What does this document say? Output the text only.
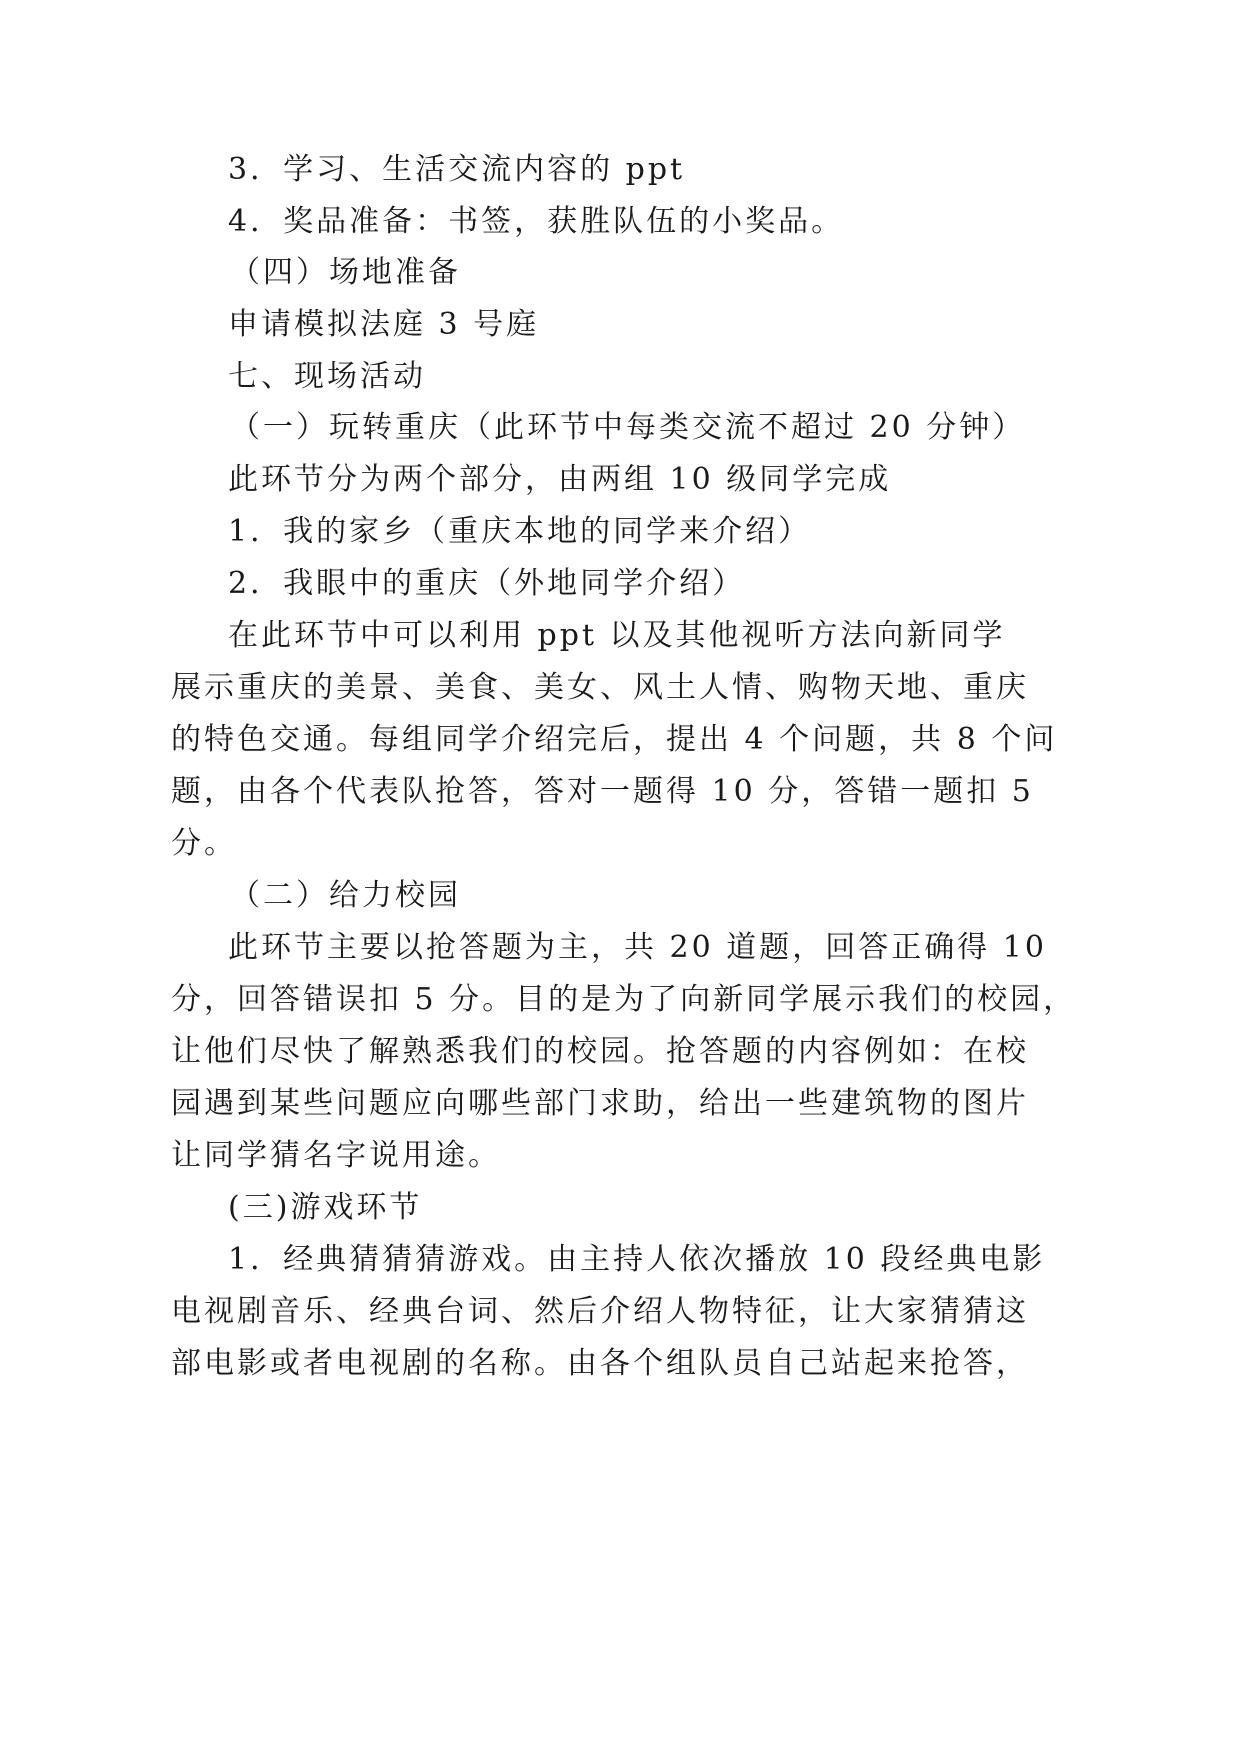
3．学习、生活交流内容的 ppt
4．奖品准备：书签，获胜队伍的小奖品。
（四）场地准备
申请模拟法庭 3 号庭
七、现场活动
（一）玩转重庆（此环节中每类交流不超过 20 分钟）
此环节分为两个部分，由两组 10 级同学完成
1．我的家乡（重庆本地的同学来介绍）
2．我眼中的重庆（外地同学介绍）
在此环节中可以利用 ppt 以及其他视听方法向新同学
展示重庆的美景、美食、美女、风土人情、购物天地、重庆
的特色交通。每组同学介绍完后，提出 4 个问题，共 8 个问
题，由各个代表队抢答，答对一题得 10 分，答错一题扣 5
分。
（二）给力校园
此环节主要以抢答题为主，共 20 道题，回答正确得 10
分，回答错误扣 5 分。目的是为了向新同学展示我们的校园，
让他们尽快了解熟悉我们的校园。抢答题的内容例如：在校
园遇到某些问题应向哪些部门求助，给出一些建筑物的图片
让同学猜名字说用途。
(三)游戏环节
1．经典猜猜猜游戏。由主持人依次播放 10 段经典电影
电视剧音乐、经典台词、然后介绍人物特征，让大家猜猜这
部电影或者电视剧的名称。由各个组队员自己站起来抢答，
